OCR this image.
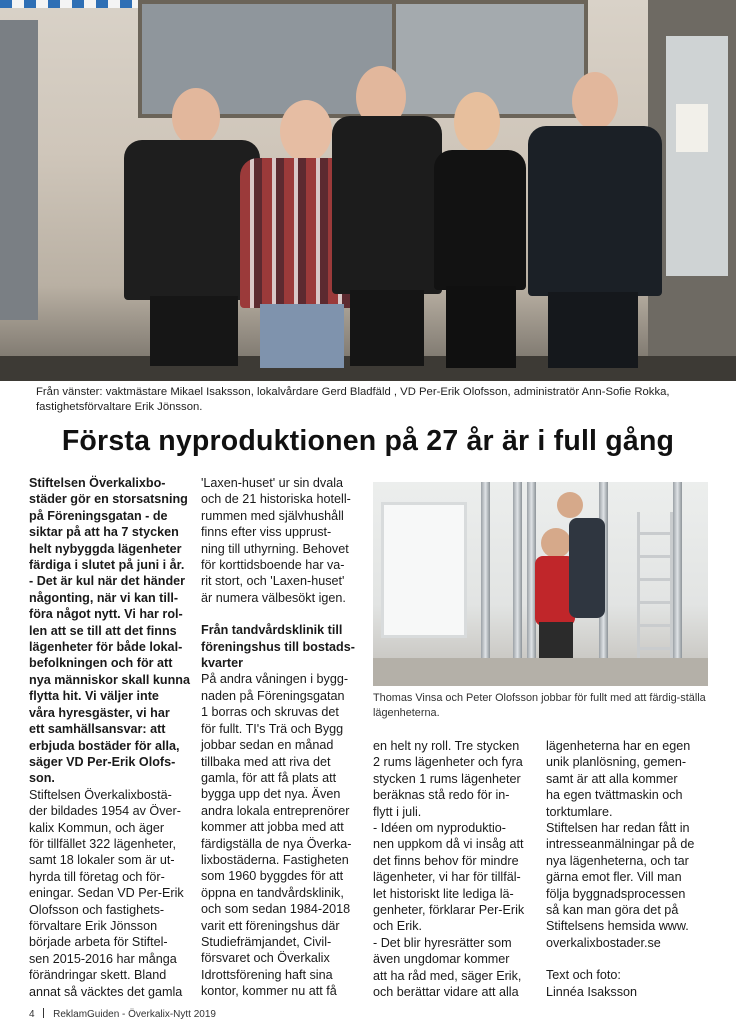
Från vänster: vaktmästare Mikael Isaksson, lokalvårdare Gerd Bladfäld , VD Per-Erik Olofsson, administratör Ann-Sofie Rokka, fastighetsförvaltare Erik Jönsson.
Första nyproduktionen på 27 år är i full gång

Stiftelsen Överkalixbo-

städer gör en storsatsning

på Föreningsgatan - de

siktar på att ha 7 stycken

helt nybyggda lägenheter

färdiga i slutet på juni i år.

- Det är kul när det händer

någonting, när vi kan till-

föra något nytt. Vi har rol-

len att se till att det finns

lägenheter för både lokal-

befolkningen och för att

nya människor skall kunna

flytta hit. Vi väljer inte

våra hyresgäster, vi har

ett samhällsansvar: att

erbjuda bostäder för alla,

säger VD Per-Erik Olofs-

son.

Stiftelsen Överkalixbostä-

der bildades 1954 av Över-

kalix Kommun, och äger

för tillfället 322 lägenheter,

samt 18 lokaler som är ut-

hyrda till företag och för-

eningar. Sedan VD Per-Erik

Olofsson och fastighets-

förvaltare Erik Jönsson

började arbeta för Stiftel-

sen 2015-2016 har många

förändringar skett. Bland

annat så väcktes det gamla

'Laxen-huset' ur sin dvala

och de 21 historiska hotell-

rummen med självhushåll

finns efter viss upprust-

ning till uthyrning. Behovet

för korttidsboende har va-

rit stort, och 'Laxen-huset'

är numera välbesökt igen.

Från tandvårdsklinik till

föreningshus till bostads-

kvarter

På andra våningen i bygg-

naden på Föreningsgatan

1 borras och skruvas det

för fullt. TI's Trä och Bygg

jobbar sedan en månad

tillbaka med att riva det

gamla, för att få plats att

bygga upp det nya. Även

andra lokala entreprenörer

kommer att jobba med att

färdigställa de nya Överka-

lixbostäderna. Fastigheten

som 1960 byggdes för att

öppna en tandvårdsklinik,

och som sedan 1984-2018

varit ett föreningshus där

Studiefrämjandet, Civil-

försvaret och Överkalix

Idrottsförening haft sina

kontor, kommer nu att få

Thomas Vinsa och Peter Olofsson jobbar för fullt med att färdig-ställa lägenheterna.

en helt ny roll. Tre stycken

2 rums lägenheter och fyra

stycken 1 rums lägenheter

beräknas stå redo för in-

flytt i juli.

- Idéen om nyproduktio-

nen uppkom då vi insåg att

det finns behov för mindre

lägenheter, vi har för tillfäl-

let historiskt lite lediga lä-

genheter, förklarar Per-Erik

och Erik.

- Det blir hyresrätter som

även ungdomar kommer

att ha råd med, säger Erik,

och berättar vidare att alla

lägenheterna har en egen

unik planlösning, gemen-

samt är att alla kommer

ha egen tvättmaskin och

torktumlare.

Stiftelsen har redan fått in

intresseanmälningar på de

nya lägenheterna, och tar

gärna emot fler. Vill man

följa byggnadsprocessen

så kan man göra det på

Stiftelsens hemsida www.

overkalixbostader.se

Text och foto:

Linnéa Isaksson

4 ReklamGuiden - Överkalix-Nytt 2019
